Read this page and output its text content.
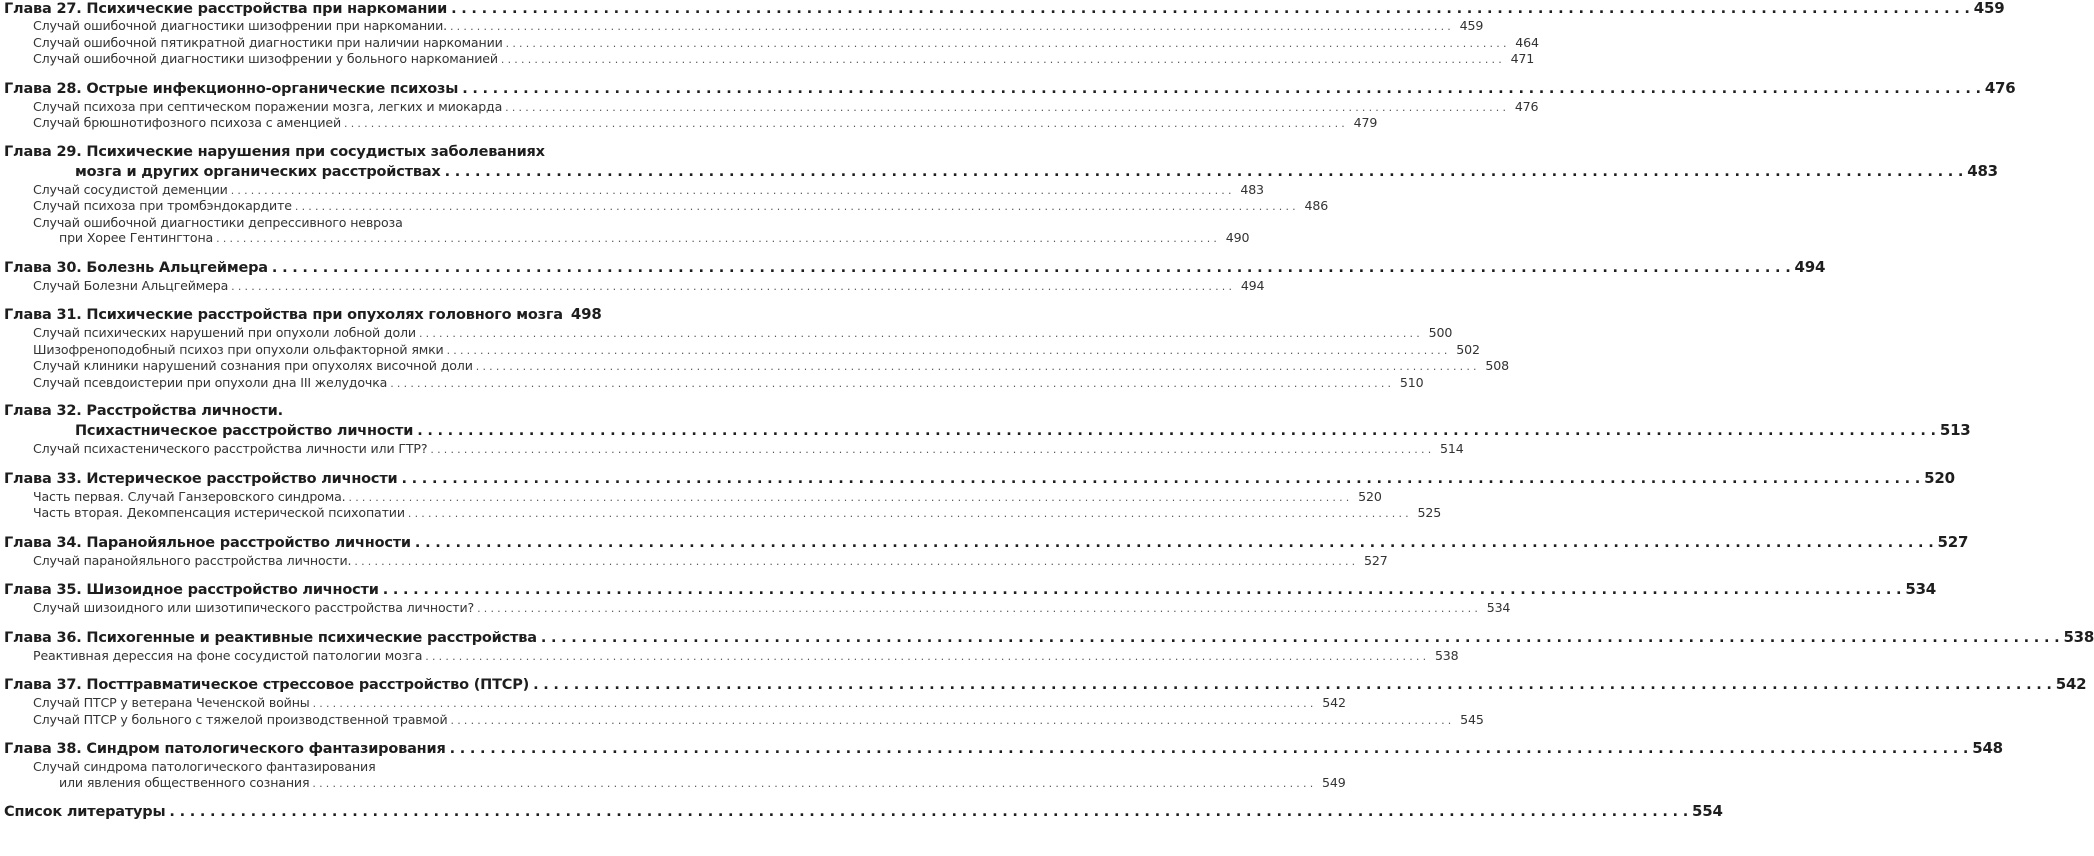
Глава 27. Психические расстройства при наркомании . . .	459
Случай ошибочной диагностики шизофрении при наркомании. . . .	459
Случай ошибочной пятикратной диагностики при наличии наркомании . . .	464
Случай ошибочной диагностики шизофрении у больного наркоманией . . .	471
Глава 28. Острые инфекционно-органические психозы . . .	476
Случай психоза при септическом поражении мозга, легких и миокарда . . .	476
Случай брюшнотифозного психоза с аменцией . . .	479
Глава 29. Психические нарушения при сосудистых заболеваниях
мозга и других органических расстройствах . . .	483
Случай сосудистой деменции . . .	483
Случай психоза при тромбэндокардите . . .	486
Случай ошибочной диагностики депрессивного невроза
при Хорее Гентингтона . . .	490
Глава 30. Болезнь Альцгеймера . . .	494
Случай Болезни Альцгеймера . . .	494
Глава 31. Психические расстройства при опухолях головного мозга 498
Случай психических нарушений при опухоли лобной доли . . .	500
Шизофреноподобный психоз при опухоли ольфакторной ямки . . .	502
Случай клиники нарушений сознания при опухолях височной доли . . .	508
Случай псевдоистерии при опухоли дна III желудочка . . .	510
Глава 32. Расстройства личности.
Психастническое расстройство личности . . .	513
Случай психастенического расстройства личности или ГТР? . . .	514
Глава 33. Истерическое расстройство личности . . .	520
Часть первая. Случай Ганзеровского синдрома. . . .	520
Часть вторая. Декомпенсация истерической психопатии . . .	525
Глава 34. Паранойяльное расстройство личности . . .	527
Случай паранойяльного расстройства личности. . . .	527
Глава 35. Шизоидное расстройство личности . . .	534
Случай шизоидного или шизотипического расстройства личности? . . .	534
Глава 36. Психогенные и реактивные психические расстройства . . .	538
Реактивная дерессия на фоне сосудистой патологии мозга . . .	538
Глава 37. Посттравматическое стрессовое расстройство (ПТСР) . . .	542
Случай ПТСР у ветерана Чеченской войны . . .	542
Случай ПТСР у больного с тяжелой производственной травмой . . .	545
Глава 38. Синдром патологического фантазирования . . .	548
Случай синдрома патологического фантазирования
или явления общественного сознания . . .	549
Список литературы . . .	554
